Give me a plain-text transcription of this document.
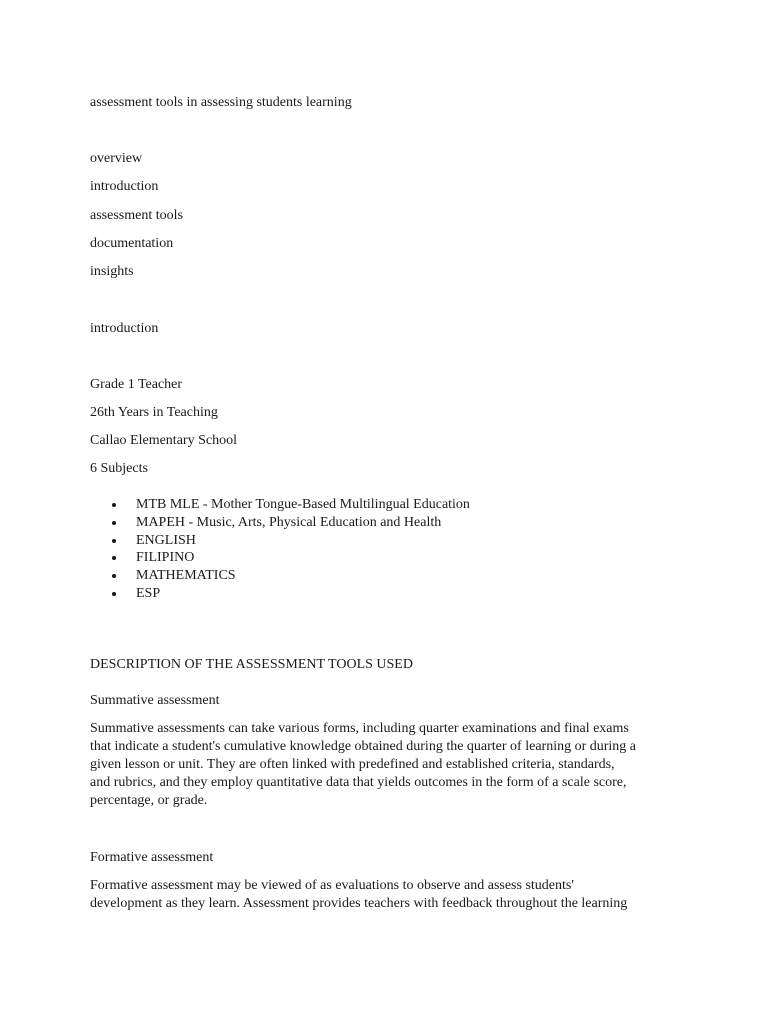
assessment tools in assessing students learning
overview
introduction
assessment tools
documentation
insights
introduction
Grade 1 Teacher
26th Years in Teaching
Callao Elementary School
6 Subjects
MTB MLE - Mother Tongue-Based Multilingual Education
MAPEH - Music, Arts, Physical Education and Health
ENGLISH
FILIPINO
MATHEMATICS
ESP
DESCRIPTION OF THE ASSESSMENT TOOLS USED
Summative assessment
Summative assessments can take various forms, including quarter examinations and final exams
that indicate a student's cumulative knowledge obtained during the quarter of learning or during a
given lesson or unit. They are often linked with predefined and established criteria, standards,
and rubrics, and they employ quantitative data that yields outcomes in the form of a scale score,
percentage, or grade.
Formative assessment
Formative assessment may be viewed of as evaluations to observe and assess students'
development as they learn. Assessment provides teachers with feedback throughout the learning
